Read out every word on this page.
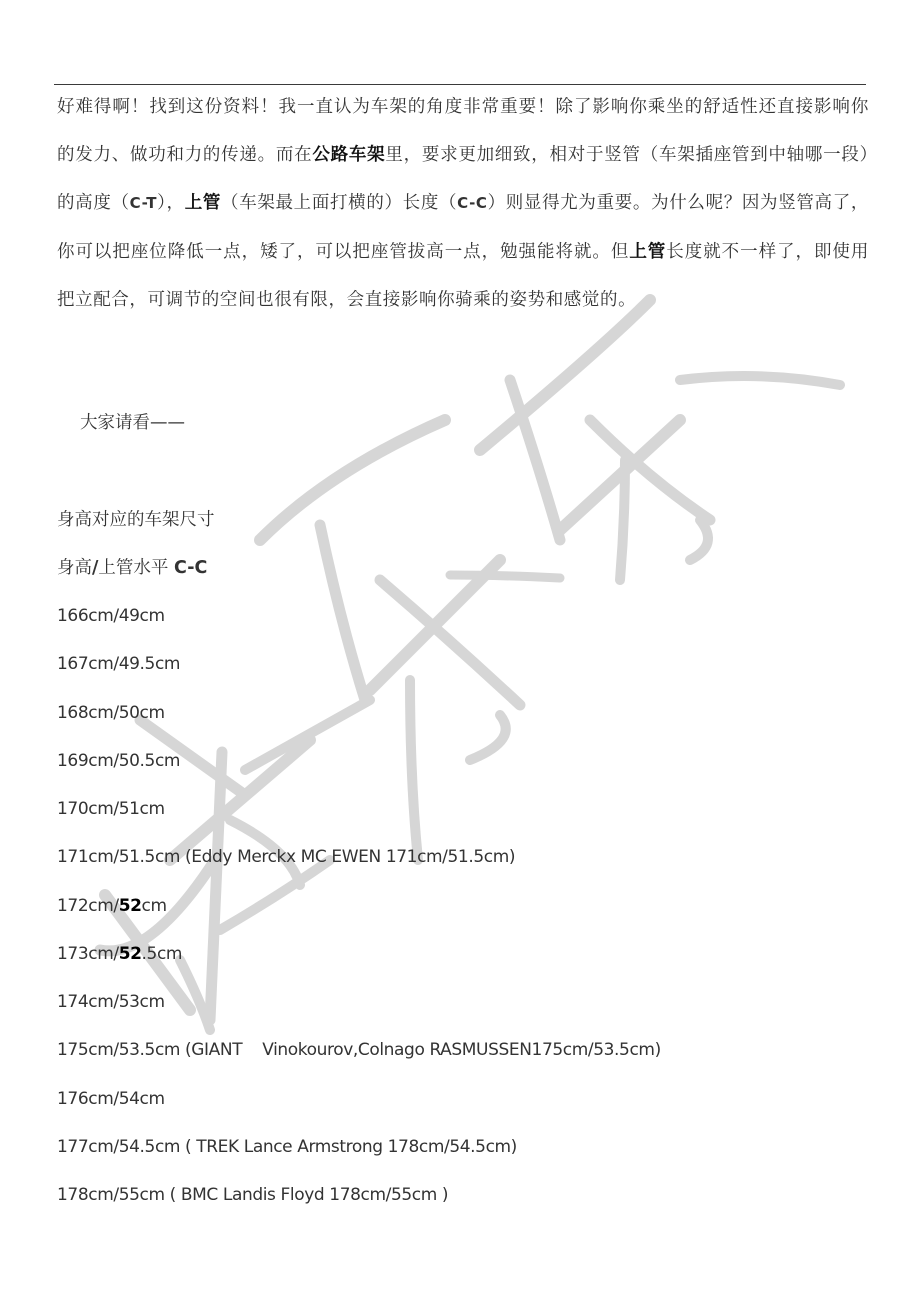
好难得啊！找到这份资料！我一直认为车架的角度非常重要！除了影响你乘坐的舒适性还直接影响你的发力、做功和力的传递。而在公路车架里，要求更加细致，相对于竖管（车架插座管到中轴哪一段）的高度（C-T），上管（车架最上面打横的）长度（C-C）则显得尤为重要。为什么呢？因为竖管高了，你可以把座位降低一点，矮了，可以把座管拔高一点，勉强能将就。但上管长度就不一样了，即使用把立配合，可调节的空间也很有限，会直接影响你骑乘的姿势和感觉的。

大家请看——
身高对应的车架尺寸
身高/上管水平 C-C
166cm/49cm
167cm/49.5cm
168cm/50cm
169cm/50.5cm
170cm/51cm
171cm/51.5cm (Eddy Merckx MC EWEN 171cm/51.5cm)
172cm/52cm
173cm/52.5cm
174cm/53cm
175cm/53.5cm (GIANT    Vinokourov,Colnago RASMUSSEN175cm/53.5cm)
176cm/54cm
177cm/54.5cm ( TREK Lance Armstrong 178cm/54.5cm)
178cm/55cm ( BMC Landis Floyd 178cm/55cm )
